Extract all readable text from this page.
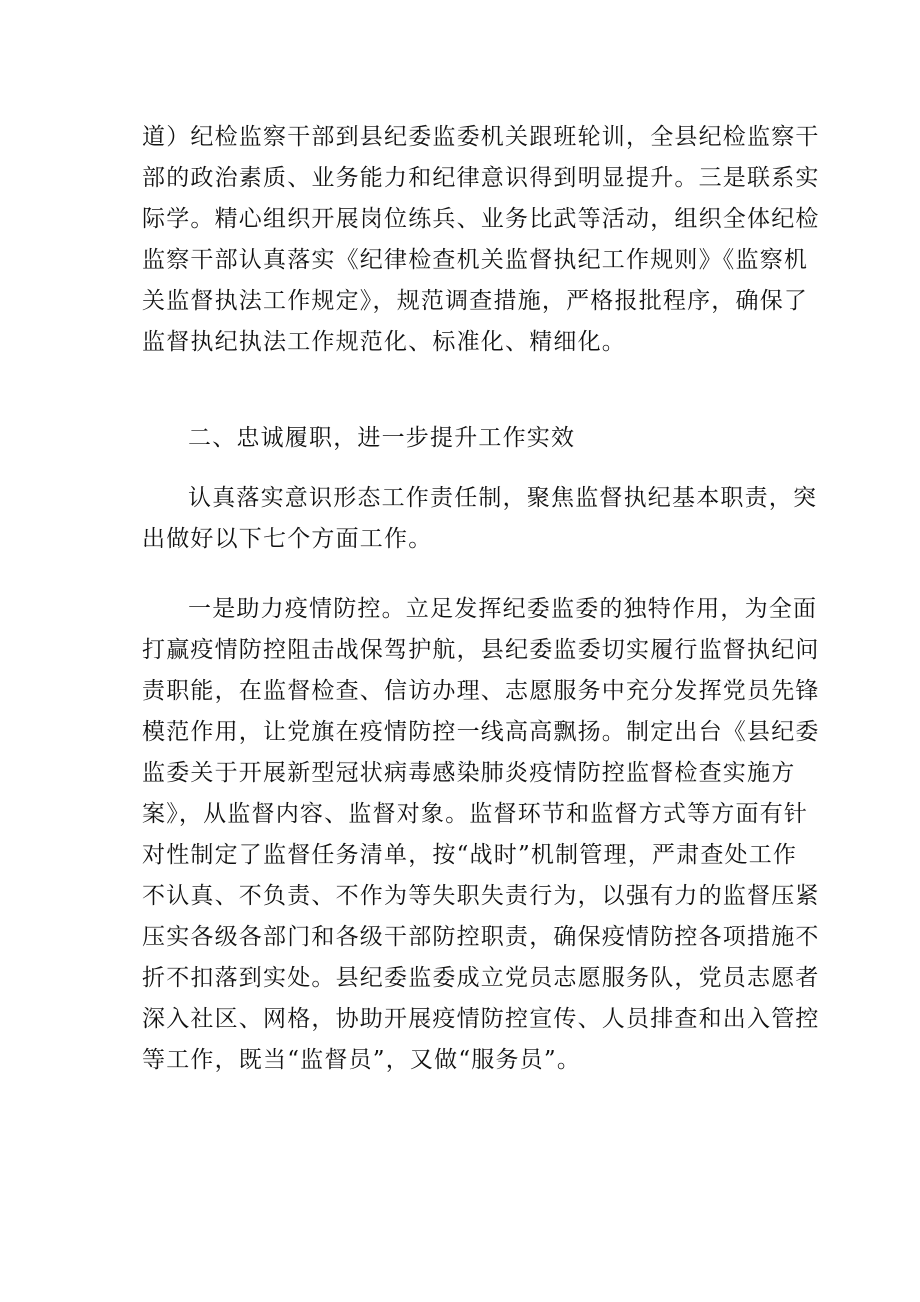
道）纪检监察干部到县纪委监委机关跟班轮训，全县纪检监察干
部的政治素质、业务能力和纪律意识得到明显提升。三是联系实
际学。精心组织开展岗位练兵、业务比武等活动，组织全体纪检
监察干部认真落实《纪律检查机关监督执纪工作规则》《监察机
关监督执法工作规定》，规范调查措施，严格报批程序，确保了
监督执纪执法工作规范化、标准化、精细化。
二、忠诚履职，进一步提升工作实效
认真落实意识形态工作责任制，聚焦监督执纪基本职责，突
出做好以下七个方面工作。
一是助力疫情防控。立足发挥纪委监委的独特作用，为全面
打赢疫情防控阻击战保驾护航，县纪委监委切实履行监督执纪问
责职能，在监督检查、信访办理、志愿服务中充分发挥党员先锋
模范作用，让党旗在疫情防控一线高高飘扬。制定出台《县纪委
监委关于开展新型冠状病毒感染肺炎疫情防控监督检查实施方
案》，从监督内容、监督对象。监督环节和监督方式等方面有针
对性制定了监督任务清单，按“战时”机制管理，严肃查处工作
不认真、不负责、不作为等失职失责行为，以强有力的监督压紧
压实各级各部门和各级干部防控职责，确保疫情防控各项措施不
折不扣落到实处。县纪委监委成立党员志愿服务队，党员志愿者
深入社区、网格，协助开展疫情防控宣传、人员排查和出入管控
等工作，既当“监督员”，又做“服务员”。
